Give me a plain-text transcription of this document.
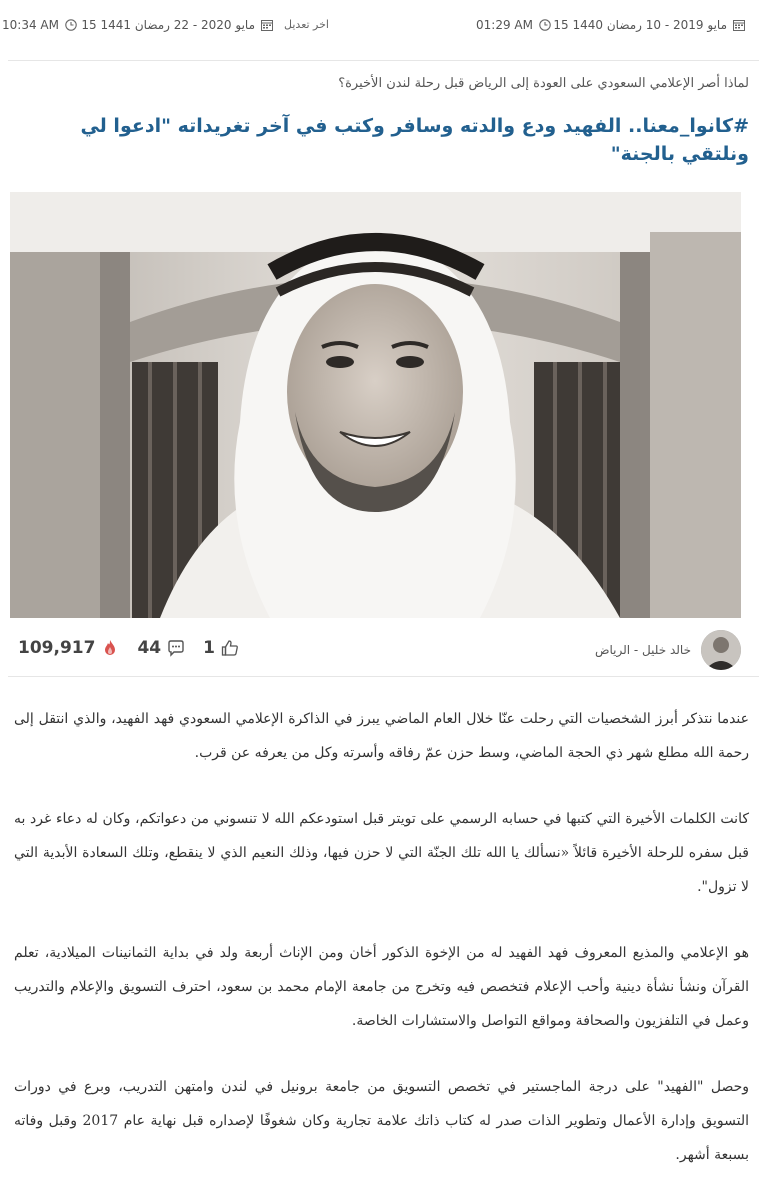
15 مايو 2019 - 10 رمضان 1440
01:29 AM
اخر تعديل
15 مايو 2020 - 22 رمضان 1441
10:34 AM
لماذا أصر الإعلامي السعودي على العودة إلى الرياض قبل رحلة لندن الأخيرة؟
#كانوا_معنا.. الفهيد ودع والدته وسافر وكتب في آخر تغريداته "ادعوا لي ونلتقي بالجنة"
خالد خليل - الرياض
109,917 44 1

عندما نتذكر أبرز الشخصيات التي رحلت عنّا خلال العام الماضي يبرز في الذاكرة الإعلامي السعودي فهد الفهيد، والذي انتقل إلى رحمة الله مطلع شهر ذي الحجة الماضي، وسط حزن عمّ رفاقه وأسرته وكل من يعرفه عن قرب.

كانت الكلمات الأخيرة التي كتبها في حسابه الرسمي على تويتر قبل استودعكم الله لا تنسوني من دعواتكم، وكان له دعاء غرد به قبل سفره للرحلة الأخيرة قائلاً «نسألك يا الله تلك الجنّة التي لا حزن فيها، وذلك النعيم الذي لا ينقطع، وتلك السعادة الأبدية التي لا تزول".

هو الإعلامي والمذيع المعروف فهد الفهيد له من الإخوة الذكور أخان ومن الإناث أربعة ولد في بداية الثمانينات الميلادية، تعلم القرآن ونشأ نشأة دينية وأحب الإعلام فتخصص فيه وتخرج من جامعة الإمام محمد بن سعود، احترف التسويق والإعلام والتدريب وعمل في التلفزيون والصحافة ومواقع التواصل والاستشارات الخاصة.

وحصل "الفهيد" على درجة الماجستير في تخصص التسويق من جامعة برونيل في لندن وامتهن التدريب، وبرع في دورات التسويق وإدارة الأعمال وتطوير الذات صدر له كتاب ذاتك علامة تجارية وكان شغوفًا لإصداره قبل نهاية عام 2017 وقبل وفاته بسبعة أشهر.
